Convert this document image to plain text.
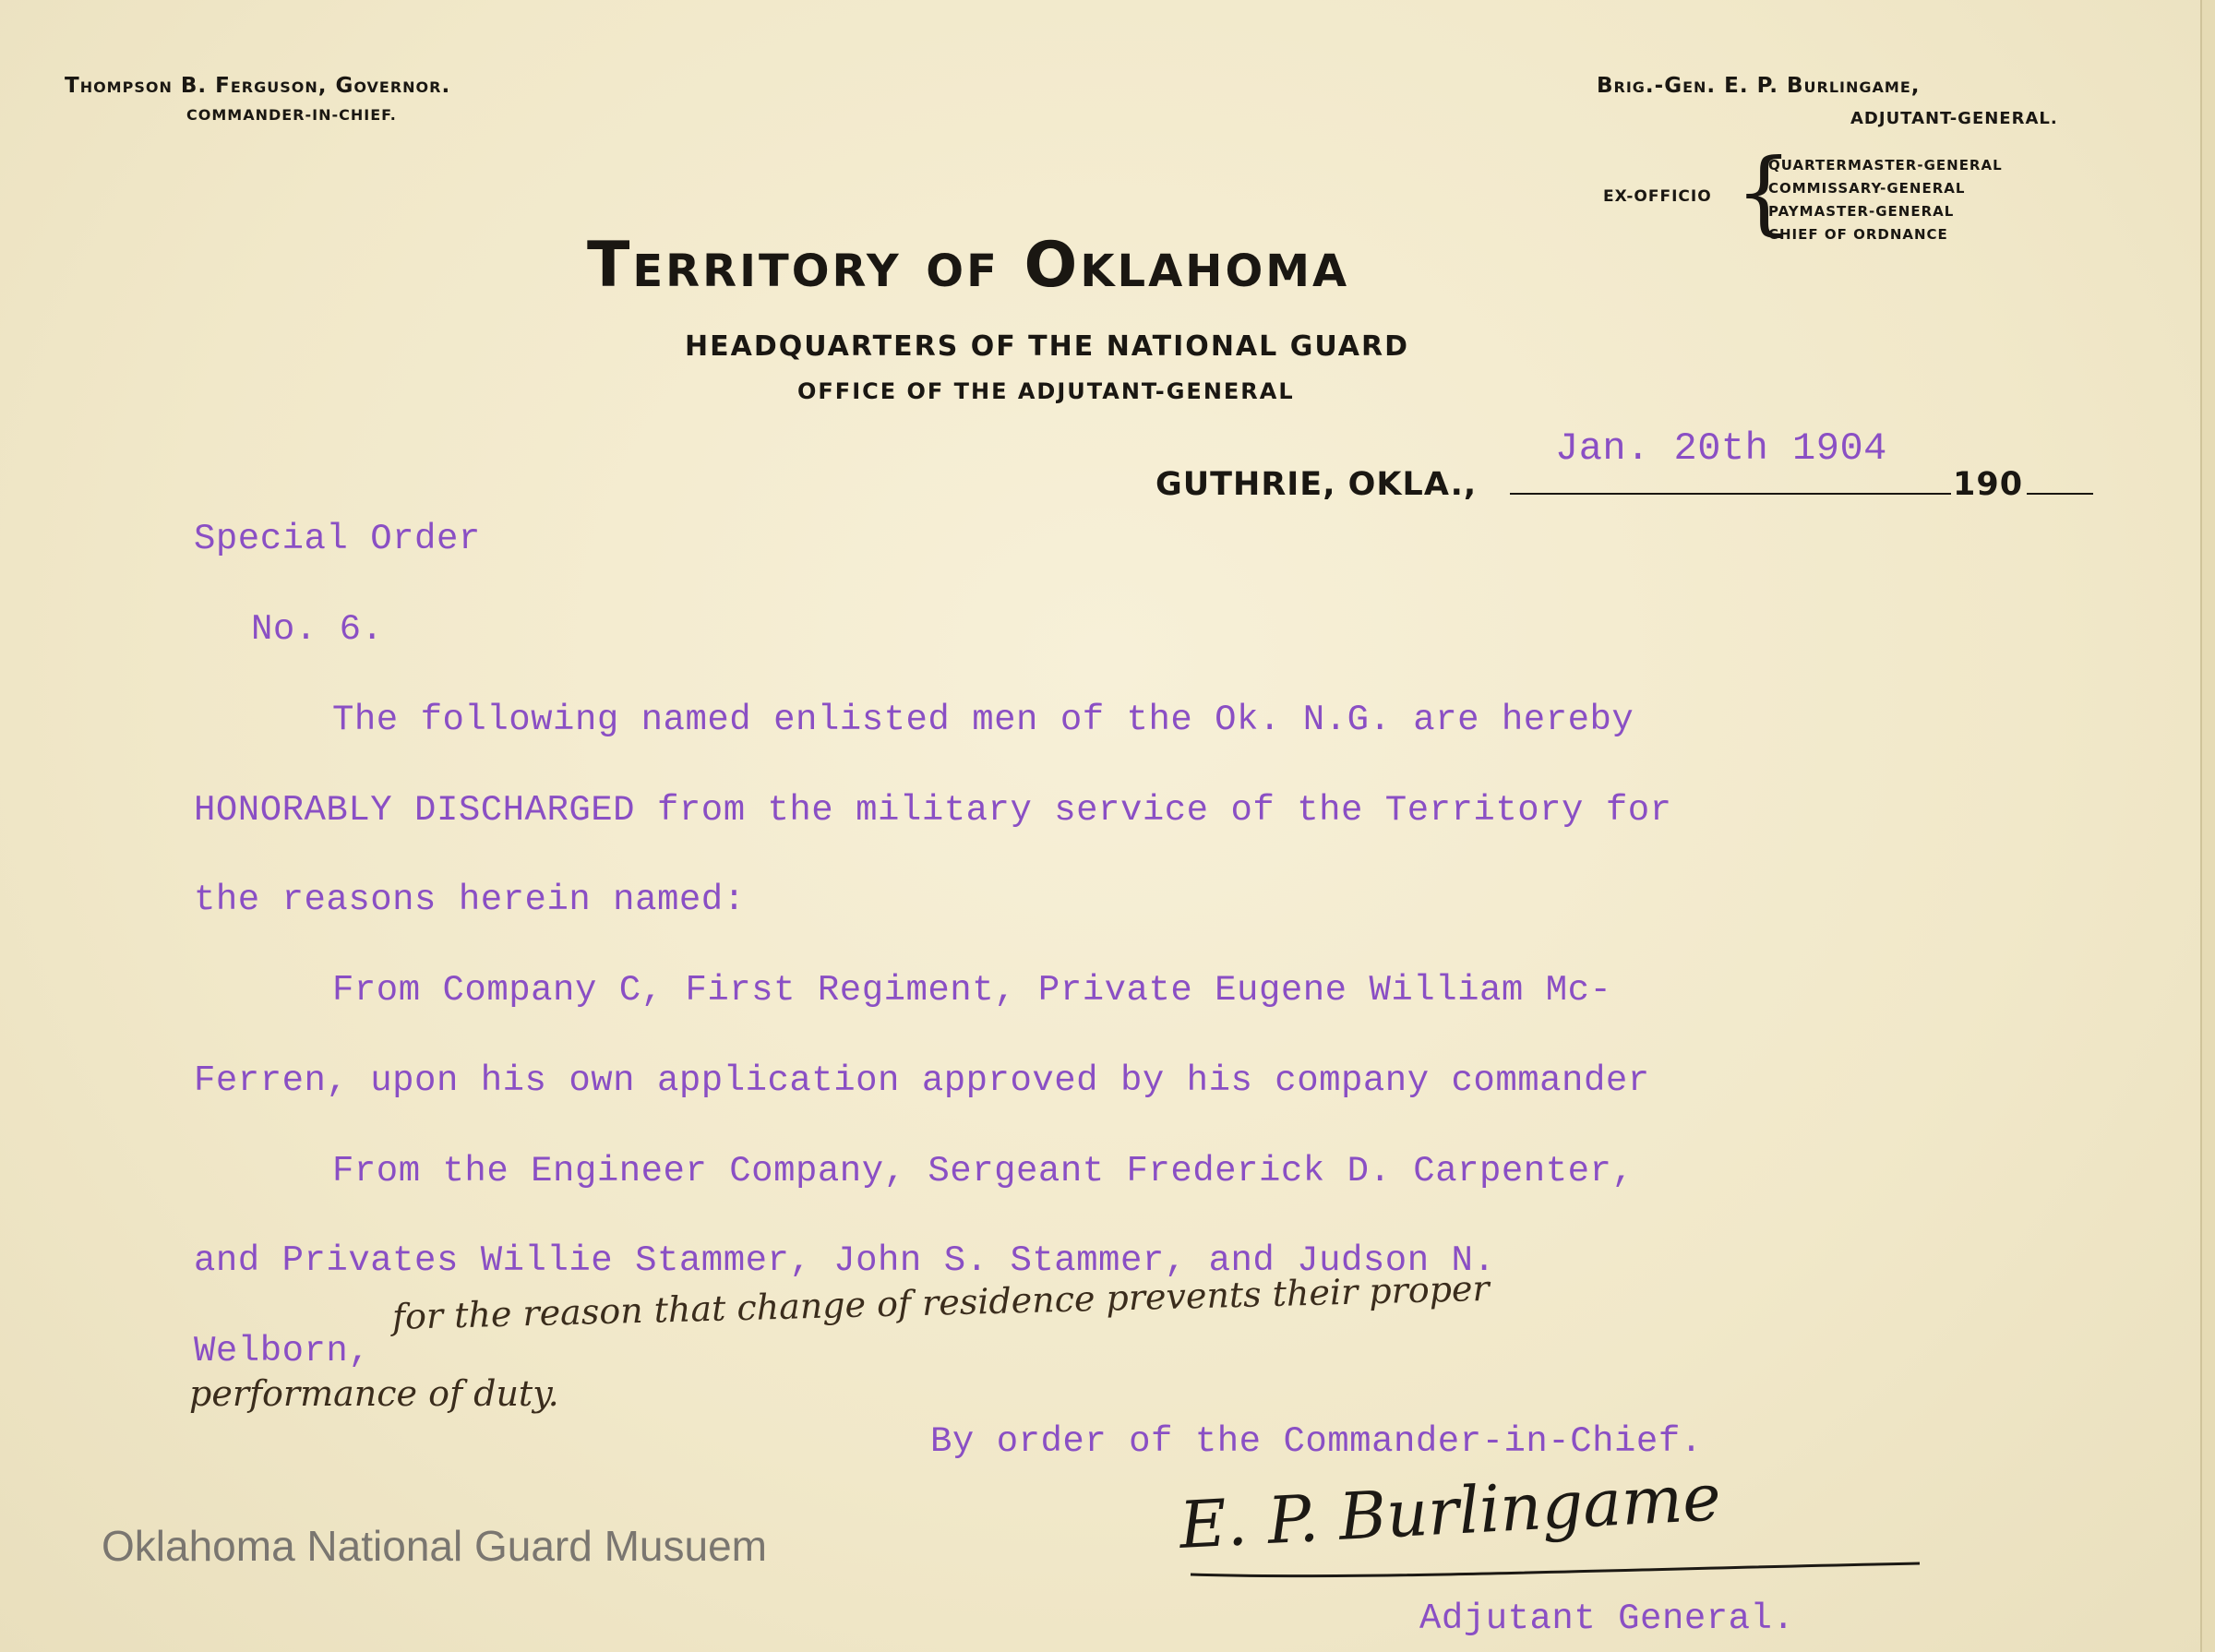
Thompson B. Ferguson, Governor.
COMMANDER-IN-CHIEF.
Brig.-Gen. E. P. Burlingame,
ADJUTANT-GENERAL.
EX-OFFICIO {
QUARTERMASTER-GENERAL
COMMISSARY-GENERAL
PAYMASTER-GENERAL
CHIEF OF ORDNANCE
Territory of Oklahoma
HEADQUARTERS OF THE NATIONAL GUARD
OFFICE OF THE ADJUTANT-GENERAL
GUTHRIE, OKLA.,
Jan. 20th 1904
190
Special Order
No. 6.
The following named enlisted men of the Ok. N.G. are hereby
HONORABLY DISCHARGED from the military service of the Territory for
the reasons herein named:
From Company C, First Regiment, Private Eugene William Mc-
Ferren, upon his own application approved by his company commander
From the Engineer Company, Sergeant Frederick D. Carpenter,
and Privates Willie Stammer, John S. Stammer, and Judson N.
Welborn,
for the reason that change of residence prevents their proper
performance of duty.
By order of the Commander-in-Chief.
E. P. Burlingame
Adjutant General.
Oklahoma National Guard Musuem
